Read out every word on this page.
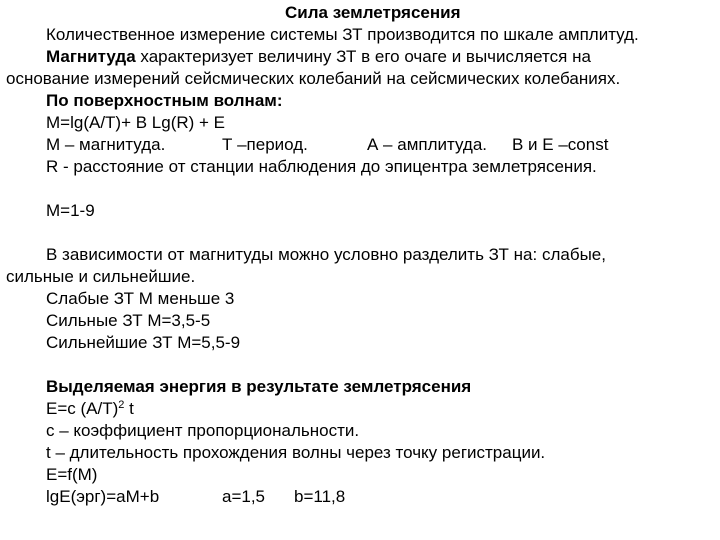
Сила землетрясения
Количественное измерение системы ЗТ производится по шкале амплитуд.
Магнитуда характеризует величину ЗТ в его очаге и вычисляется на
основание измерений сейсмических колебаний на сейсмических колебаниях.
По поверхностным волнам:
M=lg(A/T)+ B Lg(R) + E
М – магнитуда.	Т –период.	А – амплитуда. В и Е –const
R - расстояние от станции наблюдения до эпицентра землетрясения.
M=1-9
В зависимости от магнитуды можно условно разделить ЗТ на: слабые,
сильные и сильнейшие.
Слабые ЗТ М меньше 3
Сильные ЗТ М=3,5-5
Сильнейшие ЗТ М=5,5-9
Выделяемая энергия в результате землетрясения
E=c $(A/T)^2$ t
с – коэффициент пропорциональности.
t – длительность прохождения волны через точку регистрации.
E=f(M)
lgE(эрг)=aM+b	a=1,5 b=11,8
